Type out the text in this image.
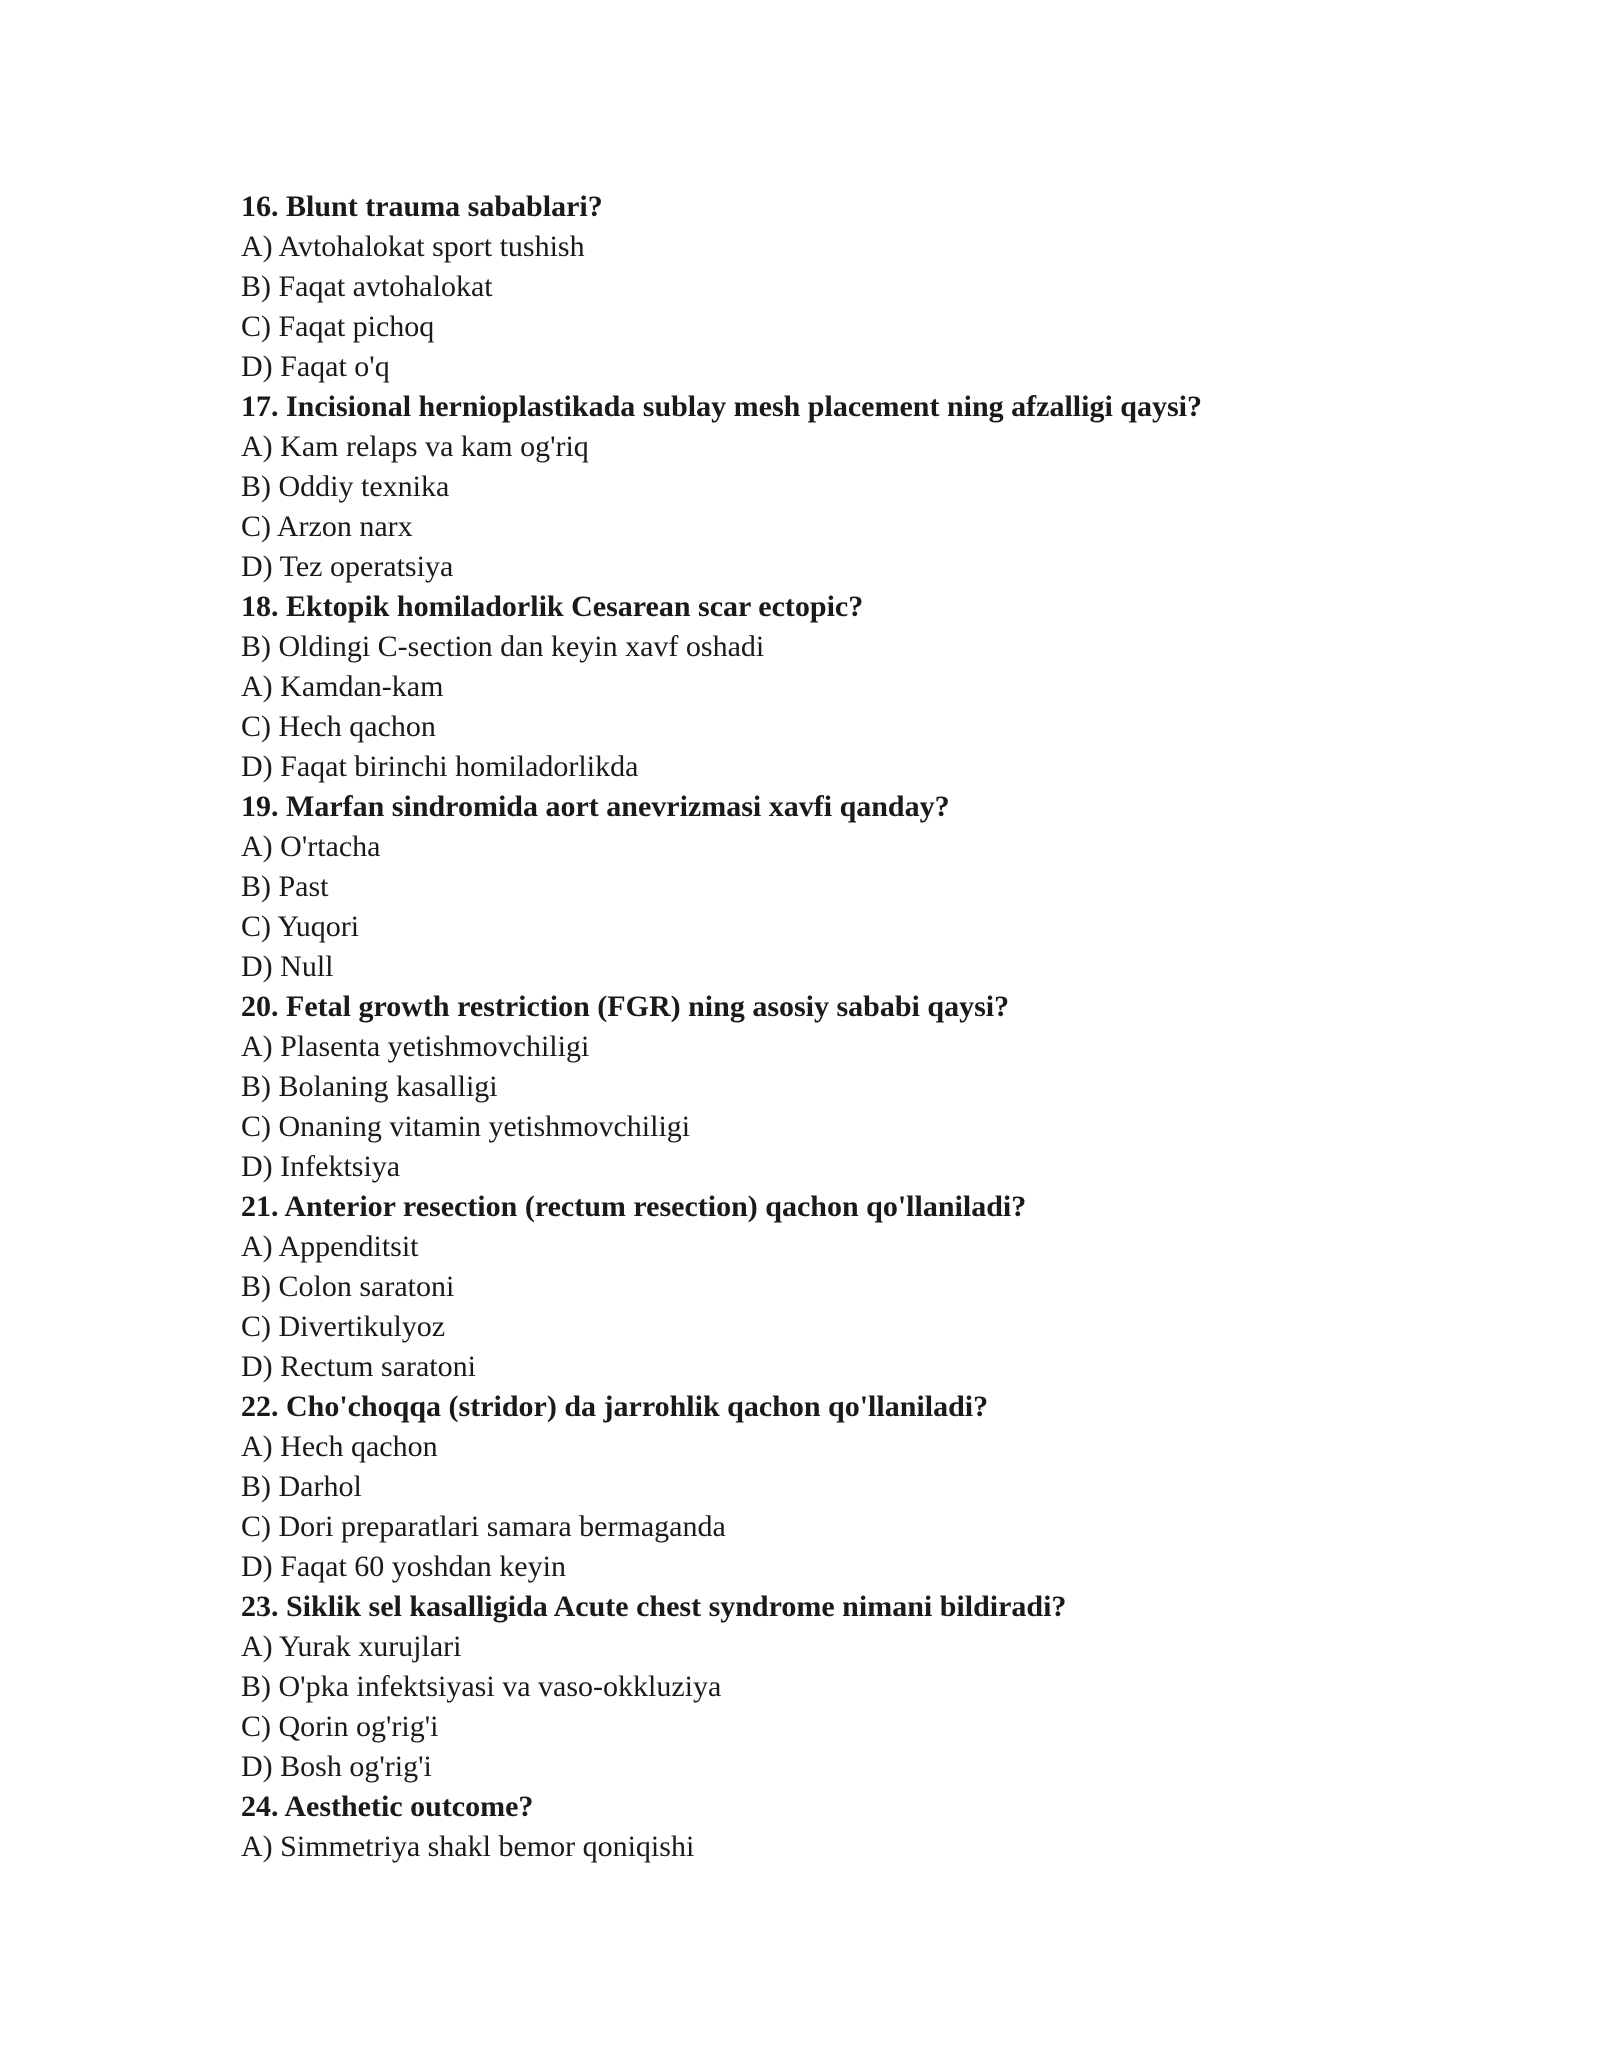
16. Blunt trauma sabablari?
A) Avtohalokat sport tushish
B) Faqat avtohalokat
C) Faqat pichoq
D) Faqat o'q
17. Incisional hernioplastikada sublay mesh placement ning afzalligi qaysi?
A) Kam relaps va kam og'riq
B) Oddiy texnika
C) Arzon narx
D) Tez operatsiya
18. Ektopik homiladorlik Cesarean scar ectopic?
B) Oldingi C-section dan keyin xavf oshadi
A) Kamdan-kam
C) Hech qachon
D) Faqat birinchi homiladorlikda
19. Marfan sindromida aort anevrizmasi xavfi qanday?
A) O'rtacha
B) Past
C) Yuqori
D) Null
20. Fetal growth restriction (FGR) ning asosiy sababi qaysi?
A) Plasenta yetishmovchiligi
B) Bolaning kasalligi
C) Onaning vitamin yetishmovchiligi
D) Infektsiya
21. Anterior resection (rectum resection) qachon qo'llaniladi?
A) Appenditsit
B) Colon saratoni
C) Divertikulyoz
D) Rectum saratoni
22. Cho'choqqa (stridor) da jarrohlik qachon qo'llaniladi?
A) Hech qachon
B) Darhol
C) Dori preparatlari samara bermaganda
D) Faqat 60 yoshdan keyin
23. Siklik sel kasalligida Acute chest syndrome nimani bildiradi?
A) Yurak xurujlari
B) O'pka infektsiyasi va vaso-okkluziya
C) Qorin og'rig'i
D) Bosh og'rig'i
24. Aesthetic outcome?
A) Simmetriya shakl bemor qoniqishi
